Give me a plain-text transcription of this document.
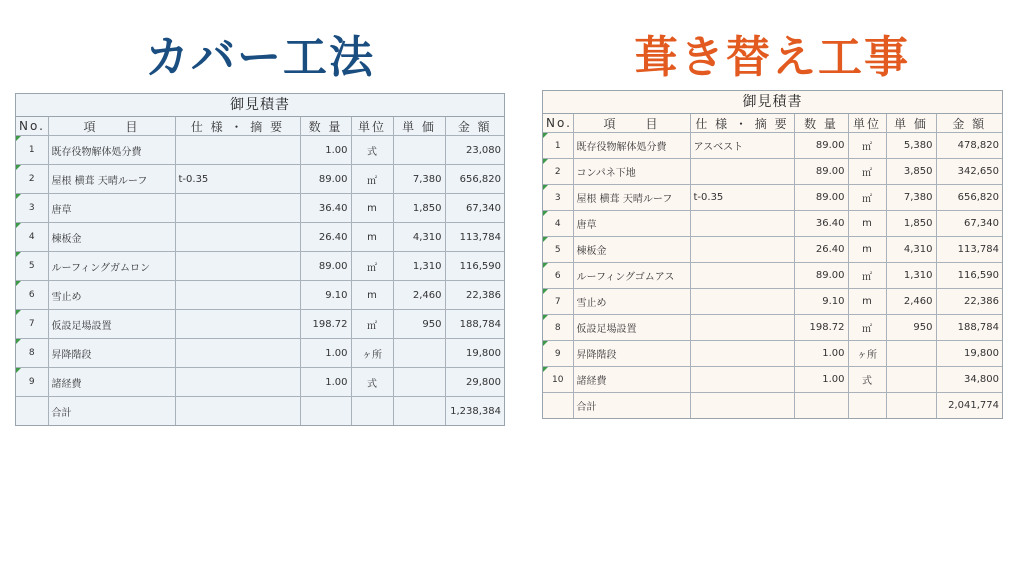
カバー工法	葺き替え工事
御見積書
No.	項　　目	仕 様 ・ 摘 要	数 量	単位	単 価	金 額
1	既存役物解体処分費		1.00	式		23,080
2	屋根 横葺 天晴ルーフ	t-0.35	89.00	㎡	7,380	656,820
3	唐草		36.40	m	1,850	67,340
4	棟板金		26.40	m	4,310	113,784
5	ルーフィングガムロン		89.00	㎡	1,310	116,590
6	雪止め		9.10	m	2,460	22,386
7	仮設足場設置		198.72	㎡	950	188,784
8	昇降階段		1.00	ヶ所		19,800
9	諸経費		1.00	式		29,800
	合計					1,238,384
御見積書
No.	項　　目	仕 様 ・ 摘 要	数 量	単位	単 価	金 額
1	既存役物解体処分費	アスベスト	89.00	㎡	5,380	478,820
2	コンパネ下地		89.00	㎡	3,850	342,650
3	屋根 横葺 天晴ルーフ	t-0.35	89.00	㎡	7,380	656,820
4	唐草		36.40	m	1,850	67,340
5	棟板金		26.40	m	4,310	113,784
6	ルーフィングゴムアス		89.00	㎡	1,310	116,590
7	雪止め		9.10	m	2,460	22,386
8	仮設足場設置		198.72	㎡	950	188,784
9	昇降階段		1.00	ヶ所		19,800
10	諸経費		1.00	式		34,800
	合計					2,041,774
